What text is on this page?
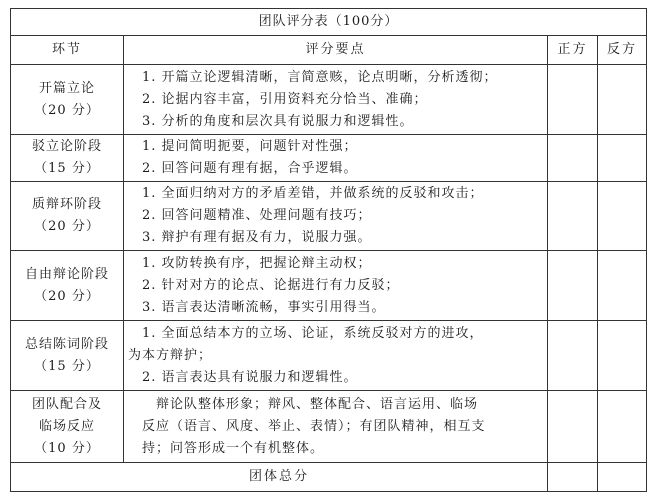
团队评分表（100分）			
环节	评分要点	正方	反方

开篇立论
（20 分）	1. 开篇立论逻辑清晰，言简意赅，论点明晰，分析透彻；
2. 论据内容丰富，引用资料充分恰当、准确；
3. 分析的角度和层次具有说服力和逻辑性。		

驳立论阶段
（15 分）	1. 提问简明扼要，问题针对性强；
2. 回答问题有理有据，合乎逻辑。		

质辩环阶段
（20 分）	1. 全面归纳对方的矛盾差错，并做系统的反驳和攻击；
2. 回答问题精准、处理问题有技巧；
3. 辩护有理有据及有力，说服力强。		

自由辩论阶段
（20 分）	1. 攻防转换有序，把握论辩主动权；
2. 针对对方的论点、论据进行有力反驳；
3. 语言表达清晰流畅，事实引用得当。		

总结陈词阶段
（15 分）	1. 全面总结本方的立场、论证，系统反驳对方的进攻，
为本方辩护；
2. 语言表达具有说服力和逻辑性。		

团队配合及
临场反应
（10 分）	辩论队整体形象；辩风、整体配合、语言运用、临场
反应（语言、风度、举止、表情）；有团队精神，相互支
持；问答形成一个有机整体。		

团体总分			
